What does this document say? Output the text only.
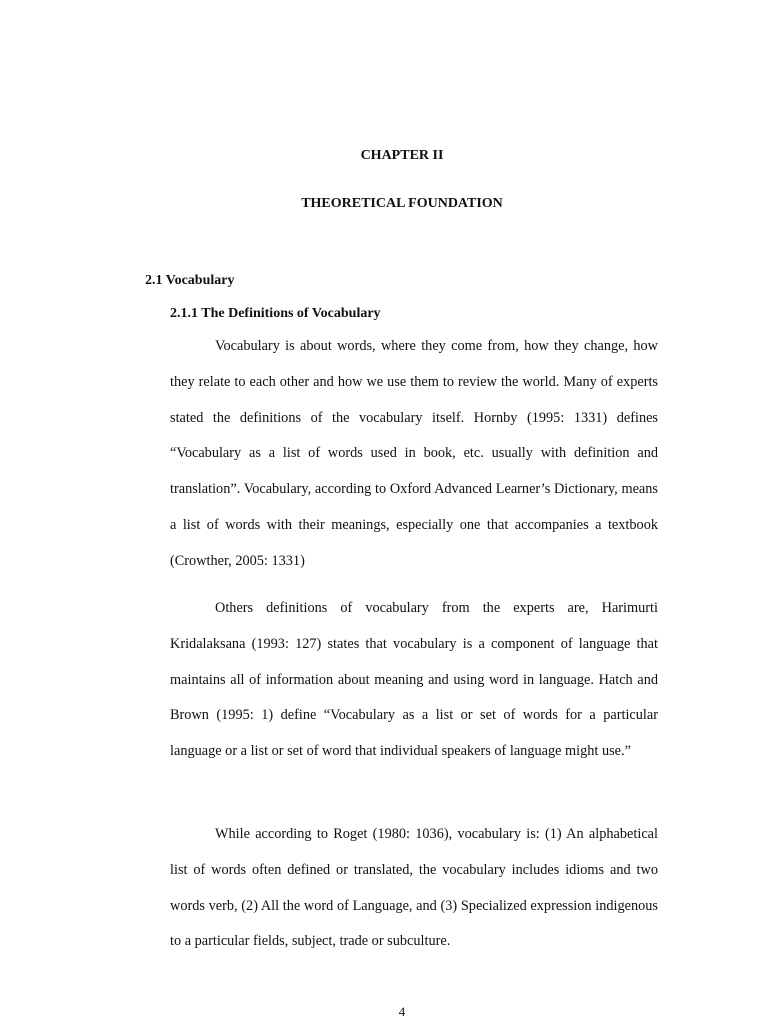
CHAPTER II
THEORETICAL FOUNDATION
2.1 Vocabulary
2.1.1 The Definitions of Vocabulary

Vocabulary is about words, where they come from, how they change, how they relate to each other and how we use them to review the world. Many of experts stated the definitions of the vocabulary itself. Hornby (1995: 1331) defines “Vocabulary as a list of words used in book, etc. usually with definition and translation”. Vocabulary, according to Oxford Advanced Learner’s Dictionary, means a list of words with their meanings, especially one that accompanies a textbook (Crowther, 2005: 1331)

Others definitions of vocabulary from the experts are, Harimurti Kridalaksana (1993: 127) states that vocabulary is a component of language that maintains all of information about meaning and using word in language. Hatch and Brown (1995: 1) define “Vocabulary as a list or set of words for a particular language or a list or set of word that individual speakers of language might use.”

While according to Roget (1980: 1036), vocabulary is: (1) An alphabetical list of words often defined or translated, the vocabulary includes idioms and two words verb, (2) All the word of Language, and (3) Specialized expression indigenous to a particular fields, subject, trade or subculture.

4
